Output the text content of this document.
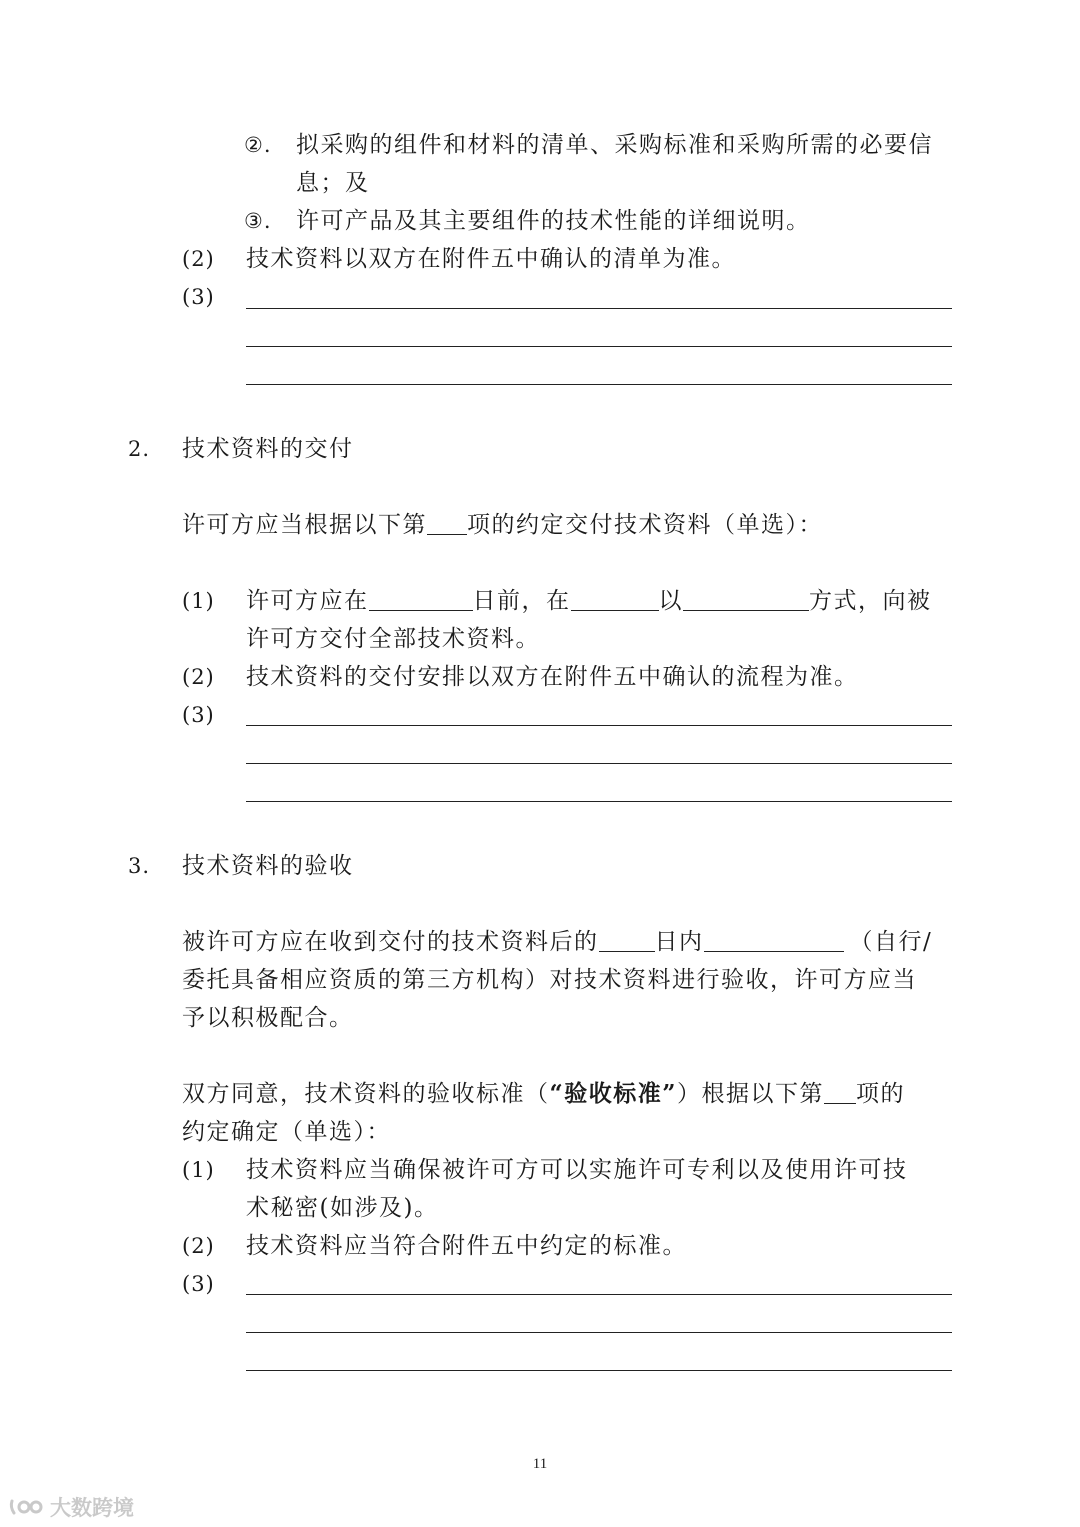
②. 拟采购的组件和材料的清单、采购标准和采购所需的必要信
息；及
③. 许可产品及其主要组件的技术性能的详细说明。
(2) 技术资料以双方在附件五中确认的清单为准。
(3)
2. 技术资料的交付
许可方应当根据以下第 项的约定交付技术资料（单选）：
(1) 许可方应在	日前，在	以	方式，向被
许可方交付全部技术资料。
(2) 技术资料的交付安排以双方在附件五中确认的流程为准。
(3)
3. 技术资料的验收
被许可方应在收到交付的技术资料后的 日内	（自行/
委托具备相应资质的第三方机构）对技术资料进行验收，许可方应当
予以积极配合。
双方同意，技术资料的验收标准（“验收标准”）根据以下第 项的
约定确定（单选）：
(1) 技术资料应当确保被许可方可以实施许可专利以及使用许可技
术秘密(如涉及)。
(2) 技术资料应当符合附件五中约定的标准。
(3)
11
大数跨境
